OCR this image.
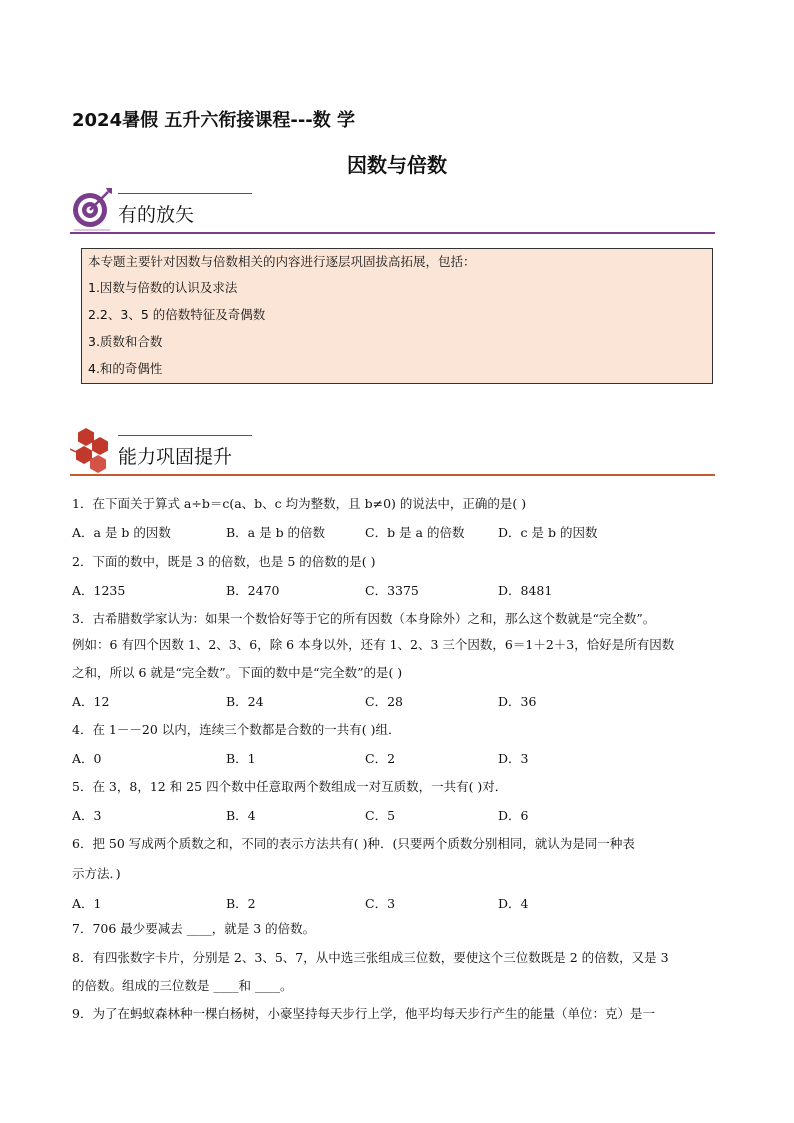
2024暑假 五升六衔接课程---数 学
因数与倍数
有的放矢
本专题主要针对因数与倍数相关的内容进行逐层巩固拔高拓展，包括：
1.因数与倍数的认识及求法
2.2、3、5 的倍数特征及奇偶数
3.质数和合数
4.和的奇偶性
能力巩固提升
1．在下面关于算式 a÷b＝c(a、b、c 均为整数，且 b≠0) 的说法中，正确的是( )
A．a 是 b 的因数	B．a 是 b 的倍数	C．b 是 a 的倍数	D．c 是 b 的因数
2．下面的数中，既是 3 的倍数，也是 5 的倍数的是( )
A．1235	B．2470	C．3375	D．8481
3．古希腊数学家认为：如果一个数恰好等于它的所有因数（本身除外）之和，那么这个数就是“完全数”。
例如：6 有四个因数 1、2、3、6，除 6 本身以外，还有 1、2、3 三个因数，6＝1＋2＋3，恰好是所有因数
之和，所以 6 就是“完全数”。下面的数中是“完全数”的是( )
A．12	B．24	C．28	D．36
4．在 1－－20 以内，连续三个数都是合数的一共有( )组．
A．0	B．1	C．2	D．3
5．在 3，8，12 和 25 四个数中任意取两个数组成一对互质数，一共有( )对．
A．3	B．4	C．5	D．6
6．把 50 写成两个质数之和，不同的表示方法共有( )种．(只要两个质数分别相同，就认为是同一种表
示方法．)
A．1	B．2	C．3	D．4
7．706 最少要减去 ____，就是 3 的倍数。
8．有四张数字卡片，分别是 2、3、5、7，从中选三张组成三位数，要使这个三位数既是 2 的倍数，又是 3
的倍数。组成的三位数是 ____和 ____。
9．为了在蚂蚁森林种一棵白杨树，小豪坚持每天步行上学，他平均每天步行产生的能量（单位：克）是一
